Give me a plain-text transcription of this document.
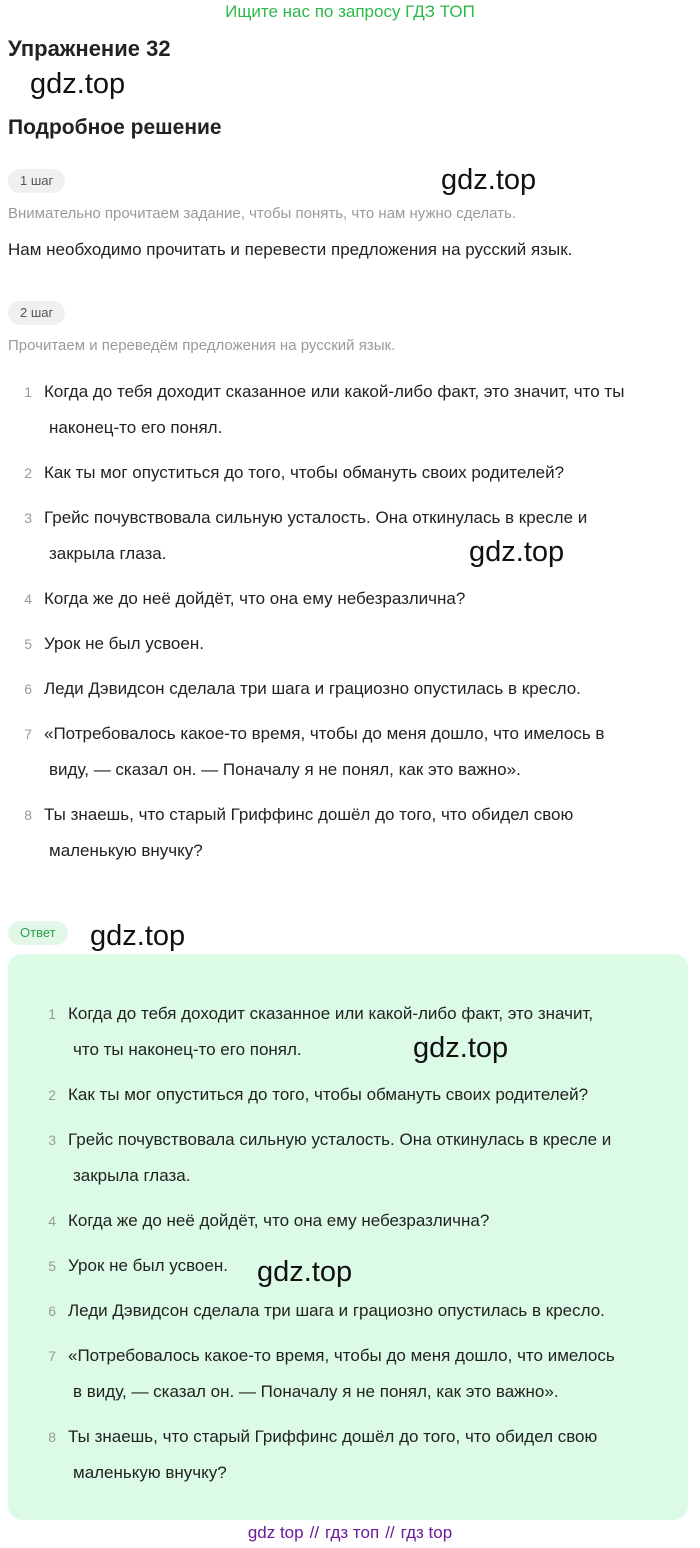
Ищите нас по запросу ГДЗ ТОП
Упражнение 32
gdz.top
Подробное решение
1 шаг	gdz.top
Внимательно прочитаем задание, чтобы понять, что нам нужно сделать.
Нам необходимо прочитать и перевести предложения на русский язык.
2 шаг
Прочитаем и переведём предложения на русский язык.
1 Когда до тебя доходит сказанное или какой-либо факт, это значит, что ты
наконец-то его понял.
2 Как ты мог опуститься до того, чтобы обмануть своих родителей?
3 Грейс почувствовала сильную усталость. Она откинулась в кресле и
закрыла глаза.
4 Когда же до неё дойдёт, что она ему небезразлична?
5 Урок не был усвоен.
6 Леди Дэвидсон сделала три шага и грациозно опустилась в кресло.
7 «Потребовалось какое-то время, чтобы до меня дошло, что имелось в
виду, — сказал он. — Поначалу я не понял, как это важно».
8 Ты знаешь, что старый Гриффинс дошёл до того, что обидел свою
маленькую внучку?
gdz.top
Ответ	gdz.top
1 Когда до тебя доходит сказанное или какой-либо факт, это значит,
что ты наконец-то его понял.
2 Как ты мог опуститься до того, чтобы обмануть своих родителей?
3 Грейс почувствовала сильную усталость. Она откинулась в кресле и
закрыла глаза.
4 Когда же до неё дойдёт, что она ему небезразлична?
5 Урок не был усвоен.
6 Леди Дэвидсон сделала три шага и грациозно опустилась в кресло.
7 «Потребовалось какое-то время, чтобы до меня дошло, что имелось
в виду, — сказал он. — Поначалу я не понял, как это важно».
8 Ты знаешь, что старый Гриффинс дошёл до того, что обидел свою
маленькую внучку?
gdz.top
gdz.top
gdz top // гдз топ // гдз top
